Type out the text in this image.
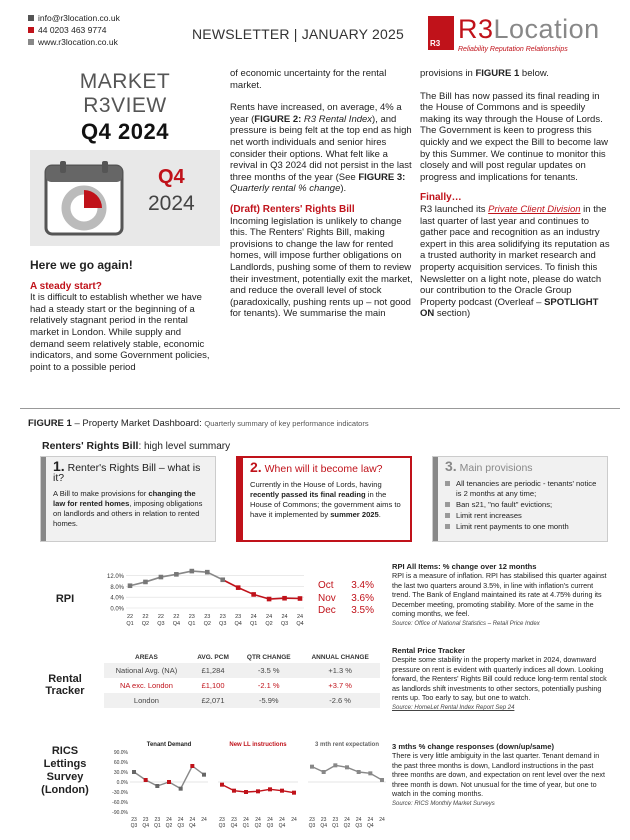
info@r3location.co.uk
44 0203 463 9774
www.r3location.co.uk	NEWSLETTER | JANUARY 2025
R3 R3Location
Reliability Reputation Relationships
MARKET
R3VIEW
Q4 2024
Q4
2024
Here we go again!
A steady start?
It is difficult to establish whether we have had a steady start or the beginning of a relatively stagnant period in the rental market in London. While supply and demand seem relatively stable, economic indicators, and some Government policies, point to a possible period

of economic uncertainty for the rental market.

Rents have increased, on average, 4% a year (FIGURE 2: R3 Rental Index), and pressure is being felt at the top end as high net worth individuals and senior hires consider their options. What felt like a revival in Q3 2024 did not persist in the last three months of the year (See FIGURE 3: Quarterly rental % change).

(Draft) Renters' Rights Bill
Incoming legislation is unlikely to change this. The Renters' Rights Bill, making provisions to change the law for rented homes, will impose further obligations on Landlords, pushing some of them to review their investment, potentially exit the market, and reduce the overall level of stock (paradoxically, pushing rents up – not good for tenants). We summarise the main

provisions in FIGURE 1 below.

The Bill has now passed its final reading in the House of Commons and is speedily making its way through the House of Lords. The Government is keen to progress this quickly and we expect the Bill to become law by this Summer. We continue to monitor this closely and will post regular updates on progress and implications for tenants.

Finally…
R3 launched its Private Client Division in the last quarter of last year and continues to gather pace and recognition as an industry expert in this area solidifying its reputation as a trusted authority in market research and property acquisition services. To finish this Newsletter on a light note, please do watch our contribution to the Oracle Group Property podcast (Overleaf – SPOTLIGHT ON section)
FIGURE 1 – Property Market Dashboard: Quarterly summary of key performance indicators
Renters' Rights Bill: high level summary
1. Renter's Rights Bill – what is it?
A Bill to make provisions for changing the law for rented homes, imposing obligations on landlords and others in relation to rented homes.
2. When will it become law?
Currently in the House of Lords, having recently passed its final reading in the House of Commons; the government aims to have it implemented by summer 2025.
3. Main provisions
All tenancies are periodic - tenants' notice is 2 months at any time;
Ban s21, "no fault" evictions;
Limit rent increases
Limit rent payments to one month
RPI
12.0%
8.0%
4.0%
0.0%
22
Q1
22
Q2
22
Q3
22
Q4
23
Q1
23
Q2
23
Q3
23
Q4
24
Q1
24
Q2
24
Q3
24
Q4
Oct 3.4%
Nov 3.6%
Dec 3.5%
RPI All Items: % change over 12 months
RPI is a measure of inflation. RPI has stabilised this quarter against the last two quarters around 3.5%, in line with inflation's current trend. The Bank of England maintained its rate at 4.75% during its December meeting, promoting stability. More of the same in the coming months, we feel.
Source: Office of National Statistics – Retail Price Index
Rental
Tracker
AREAS	AVG. PCM	QTR CHANGE	ANNUAL CHANGE
National Avg. (NA)	£1,284	-3.5 %	+1.3 %
NA exc. London	£1,100	-2.1 %	+3.7 %
London	£2,071	-5.9%	-2.6 %
Rental Price Tracker
Despite some stability in the property market in 2024, downward pressure on rent is evident with quarterly indices all down. Looking forward, the Renters' Rights Bill could reduce long-term rental stock as landlords shift investments to other sectors, potentially pushing rents up. Too early to say, but one to watch.
Source: HomeLet Rental Index Report Sep 24
RICS
Lettings
Survey
(London)
90.0%
60.0%
30.0%
0.0%
-30.0%
-60.0%
-90.0%
Tenant Demand
23
Q3
23
Q4
23
Q1
24
Q2
24
Q3
24
Q4
24
New LL instructions
23
Q3
23
Q4
24
Q1
24
Q2
24
Q3
24
Q4
24
3 mth rent expectation
23
Q3
23
Q4
23
Q1
24
Q2
24
Q3
24
Q4
24
3 mths % change responses (down/up/same)
There is very little ambiguity in the last quarter. Tenant demand in the past three months is down, Landlord instructions in the past three months are down, and expectation on rent level over the next three month is down. Not unusual for the time of year, but one to watch in the coming months.
Source: RICS Monthly Market Surveys
